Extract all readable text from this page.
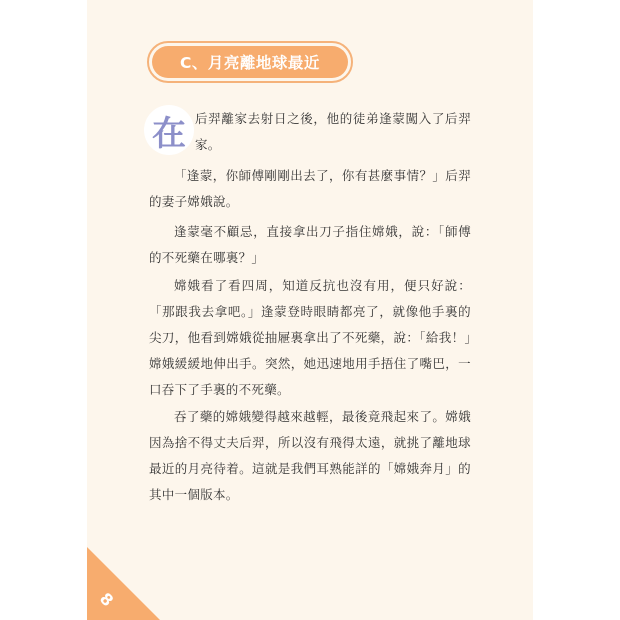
C、月亮離地球最近
在 后羿離家去射日之後，他的徒弟逢蒙闖入了后羿家。

「逢蒙，你師傅剛剛出去了，你有甚麼事情？」后羿的妻子嫦娥說。

逢蒙毫不顧忌，直接拿出刀子指住嫦娥，說：「師傅的不死藥在哪裏？」

嫦娥看了看四周，知道反抗也沒有用，便只好說：「那跟我去拿吧。」逢蒙登時眼睛都亮了，就像他手裏的尖刀，他看到嫦娥從抽屜裏拿出了不死藥，說：「給我！」嫦娥緩緩地伸出手。突然，她迅速地用手捂住了嘴巴，一口吞下了手裏的不死藥。

吞了藥的嫦娥變得越來越輕，最後竟飛起來了。嫦娥因為捨不得丈夫后羿，所以沒有飛得太遠，就挑了離地球最近的月亮待着。這就是我們耳熟能詳的「嫦娥奔月」的其中一個版本。

8
